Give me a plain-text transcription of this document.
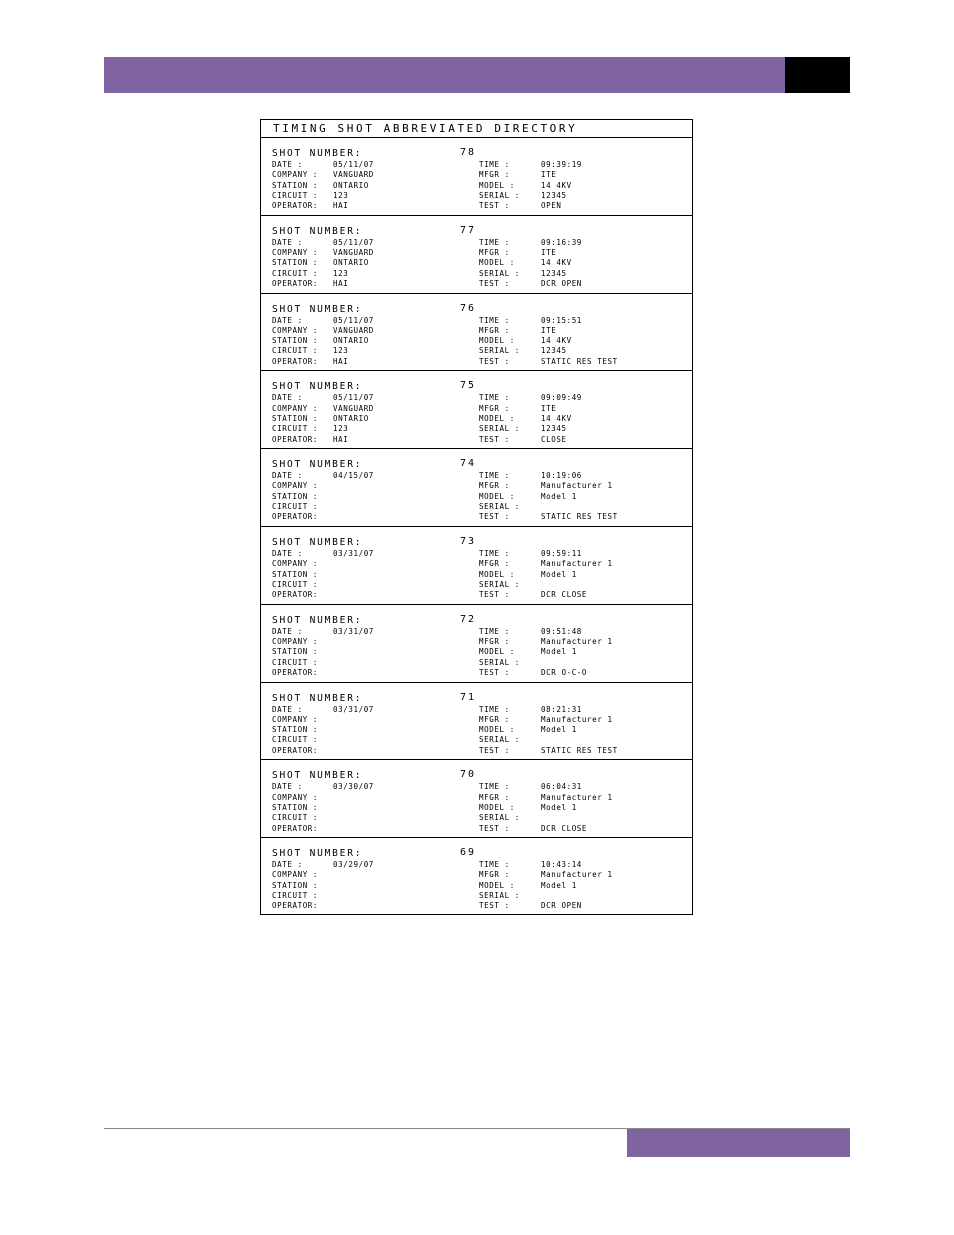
TIMING SHOT ABBREVIATED DIRECTORY
SHOT NUMBER:	78
DATE :	05/11/07
COMPANY :	VANGUARD
STATION :	ONTARIO
CIRCUIT :	123
OPERATOR:	HAI
TIME :	09:39:19
MFGR :	ITE
MODEL :	14 4KV
SERIAL :	12345
TEST :	OPEN
SHOT NUMBER:	77
DATE :	05/11/07
COMPANY :	VANGUARD
STATION :	ONTARIO
CIRCUIT :	123
OPERATOR:	HAI
TIME :	09:16:39
MFGR :	ITE
MODEL :	14 4KV
SERIAL :	12345
TEST :	DCR OPEN
SHOT NUMBER:	76
DATE :	05/11/07
COMPANY :	VANGUARD
STATION :	ONTARIO
CIRCUIT :	123
OPERATOR:	HAI
TIME :	09:15:51
MFGR :	ITE
MODEL :	14 4KV
SERIAL :	12345
TEST :	STATIC RES TEST
SHOT NUMBER:	75
DATE :	05/11/07
COMPANY :	VANGUARD
STATION :	ONTARIO
CIRCUIT :	123
OPERATOR:	HAI
TIME :	09:09:49
MFGR :	ITE
MODEL :	14 4KV
SERIAL :	12345
TEST :	CLOSE
SHOT NUMBER:	74
DATE :	04/15/07
COMPANY :
STATION :
CIRCUIT :
OPERATOR:
TIME :	10:19:06
MFGR :	Manufacturer 1
MODEL :	Model 1
SERIAL :
TEST :	STATIC RES TEST
SHOT NUMBER:	73
DATE :	03/31/07
COMPANY :
STATION :
CIRCUIT :
OPERATOR:
TIME :	09:59:11
MFGR :	Manufacturer 1
MODEL :	Model 1
SERIAL :
TEST :	DCR CLOSE
SHOT NUMBER:	72
DATE :	03/31/07
COMPANY :
STATION :
CIRCUIT :
OPERATOR:
TIME :	09:51:48
MFGR :	Manufacturer 1
MODEL :	Model 1
SERIAL :
TEST :	DCR O-C-O
SHOT NUMBER:	71
DATE :	03/31/07
COMPANY :
STATION :
CIRCUIT :
OPERATOR:
TIME :	08:21:31
MFGR :	Manufacturer 1
MODEL :	Model 1
SERIAL :
TEST :	STATIC RES TEST
SHOT NUMBER:	70
DATE :	03/30/07
COMPANY :
STATION :
CIRCUIT :
OPERATOR:
TIME :	06:04:31
MFGR :	Manufacturer 1
MODEL :	Model 1
SERIAL :
TEST :	DCR CLOSE
SHOT NUMBER:	69
DATE :	03/29/07
COMPANY :
STATION :
CIRCUIT :
OPERATOR:
TIME :	10:43:14
MFGR :	Manufacturer 1
MODEL :	Model 1
SERIAL :
TEST :	DCR OPEN
